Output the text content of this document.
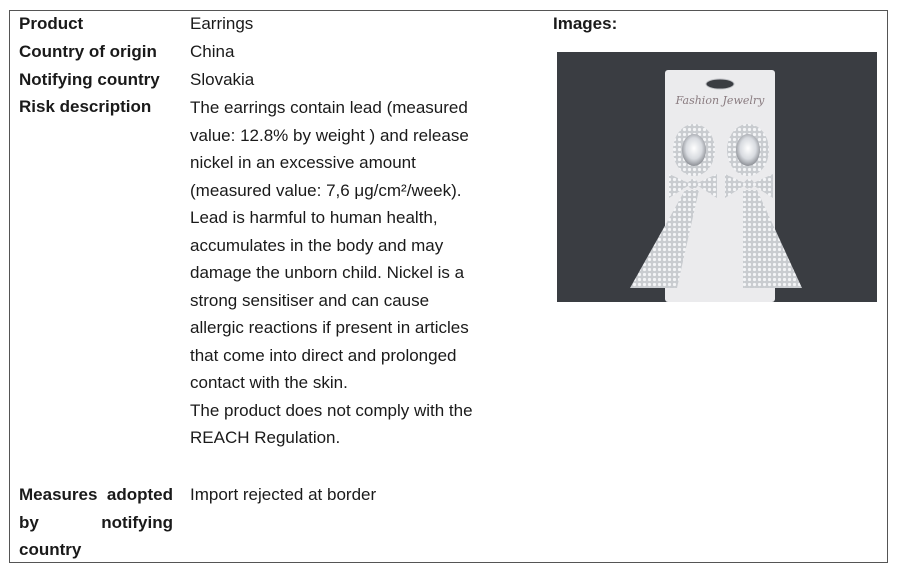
Product
Country of origin
Notifying country
Risk description
Measures adopted
by notifying
country
Earrings
China
Slovakia
The earrings contain lead (measured
value: 12.8% by weight ) and release
nickel in an excessive amount
(measured value: 7,6 μg/cm²/week).
Lead is harmful to human health,
accumulates in the body and may
damage the unborn child. Nickel is a
strong sensitiser and can cause
allergic reactions if present in articles
that come into direct and prolonged
contact with the skin.
The product does not comply with the
REACH Regulation.
Import rejected at border
Images:
Fashion Jewelry
